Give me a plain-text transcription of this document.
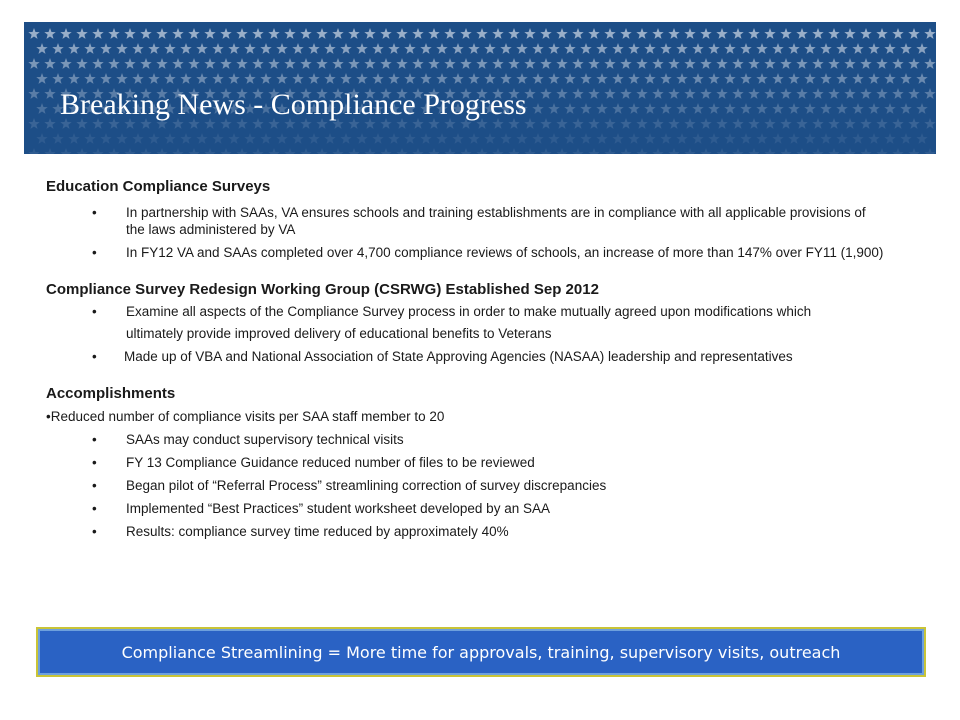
Breaking News - Compliance Progress

Education Compliance Surveys

• In partnership with SAAs, VA ensures schools and training establishments are in compliance with all applicable provisions of the laws administered by VA

• In FY12 VA and SAAs completed over 4,700 compliance reviews of schools, an increase of more than 147% over FY11 (1,900)

Compliance Survey Redesign Working Group (CSRWG) Established Sep 2012

• Examine all aspects of the Compliance Survey process in order to make mutually agreed upon modifications which

ultimately provide improved delivery of educational benefits to Veterans

• Made up of VBA and National Association of State Approving Agencies (NASAA) leadership and representatives

Accomplishments

•Reduced number of compliance visits per SAA staff member to 20

• SAAs may conduct supervisory technical visits

• FY 13 Compliance Guidance reduced number of files to be reviewed

• Began pilot of “Referral Process” streamlining correction of survey discrepancies

• Implemented “Best Practices” student worksheet developed by an SAA

• Results: compliance survey time reduced by approximately 40%

Compliance Streamlining = More time for approvals, training, supervisory visits, outreach
